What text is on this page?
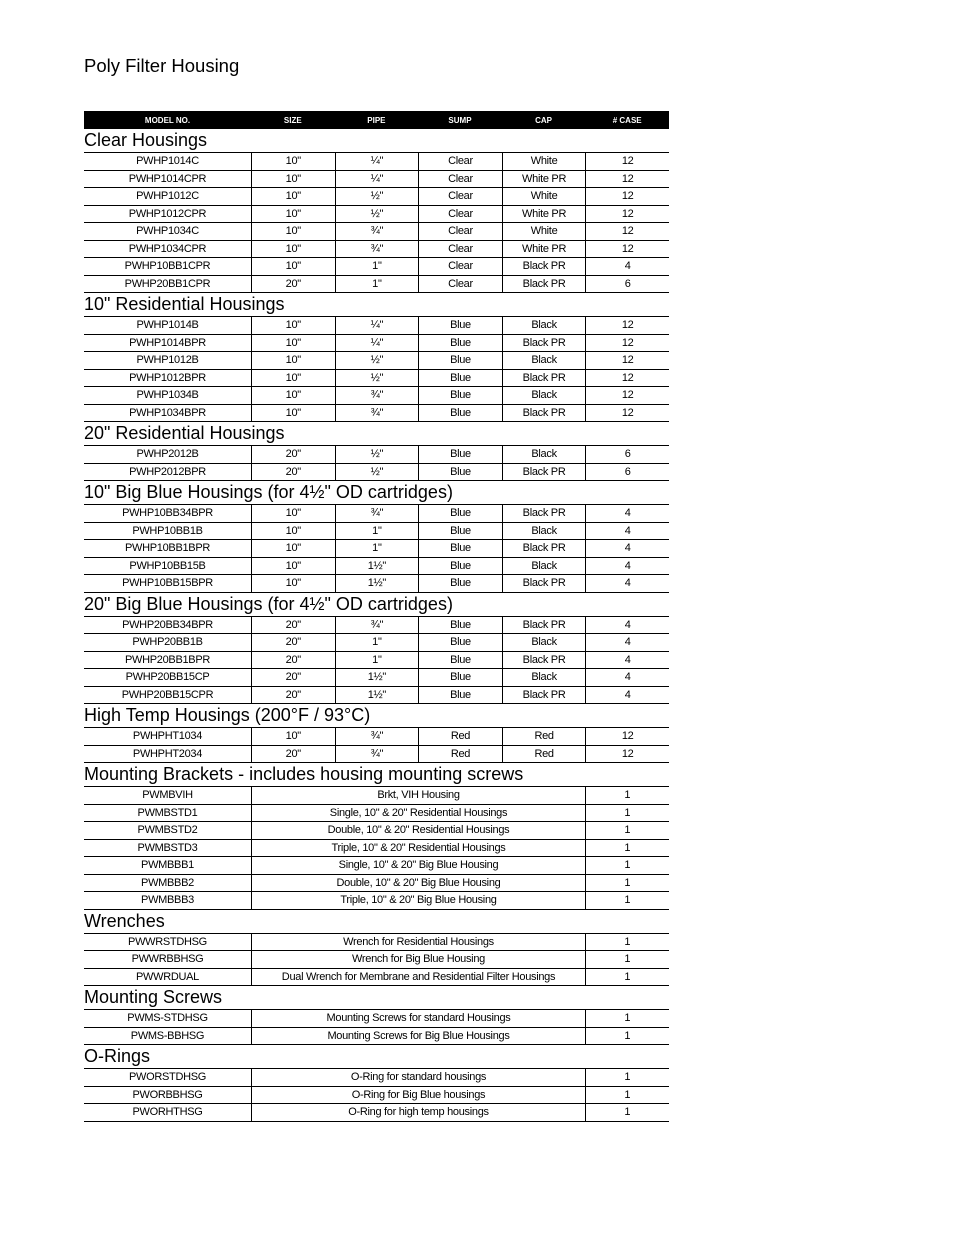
Poly Filter Housing
MODEL NO.	SIZE	PIPE	SUMP	CAP	# CASE
Clear Housings
PWHP1014C	10"	¼"	Clear	White	12
PWHP1014CPR	10"	¼"	Clear	White PR	12
PWHP1012C	10"	½"	Clear	White	12
PWHP1012CPR	10"	½"	Clear	White PR	12
PWHP1034C	10"	¾"	Clear	White	12
PWHP1034CPR	10"	¾"	Clear	White PR	12
PWHP10BB1CPR	10"	1"	Clear	Black PR	4
PWHP20BB1CPR	20"	1"	Clear	Black PR	6
10" Residential Housings
PWHP1014B	10"	¼"	Blue	Black	12
PWHP1014BPR	10"	¼"	Blue	Black PR	12
PWHP1012B	10"	½"	Blue	Black	12
PWHP1012BPR	10"	½"	Blue	Black PR	12
PWHP1034B	10"	¾"	Blue	Black	12
PWHP1034BPR	10"	¾"	Blue	Black PR	12
20" Residential Housings
PWHP2012B	20"	½"	Blue	Black	6
PWHP2012BPR	20"	½"	Blue	Black PR	6
10" Big Blue Housings (for 4½" OD cartridges)
PWHP10BB34BPR	10"	¾"	Blue	Black PR	4
PWHP10BB1B	10"	1"	Blue	Black	4
PWHP10BB1BPR	10"	1"	Blue	Black PR	4
PWHP10BB15B	10"	1½"	Blue	Black	4
PWHP10BB15BPR	10"	1½"	Blue	Black PR	4
20" Big Blue Housings (for 4½" OD cartridges)
PWHP20BB34BPR	20"	¾"	Blue	Black PR	4
PWHP20BB1B	20"	1"	Blue	Black	4
PWHP20BB1BPR	20"	1"	Blue	Black PR	4
PWHP20BB15CP	20"	1½"	Blue	Black	4
PWHP20BB15CPR	20"	1½"	Blue	Black PR	4
High Temp Housings (200°F / 93°C)
PWHPHT1034	10"	¾"	Red	Red	12
PWHPHT2034	20"	¾"	Red	Red	12
Mounting Brackets - includes housing mounting screws
PWMBVIH	Brkt, VIH Housing	1
PWMBSTD1	Single, 10" & 20" Residential Housings	1
PWMBSTD2	Double, 10" & 20" Residential Housings	1
PWMBSTD3	Triple, 10" & 20" Residential Housings	1
PWMBBB1	Single, 10" & 20" Big Blue Housing	1
PWMBBB2	Double, 10" & 20" Big Blue Housing	1
PWMBBB3	Triple, 10" & 20" Big Blue Housing	1
Wrenches
PWWRSTDHSG	Wrench for Residential Housings	1
PWWRBBHSG	Wrench for Big Blue Housing	1
PWWRDUAL	Dual Wrench for Membrane and Residential Filter Housings	1
Mounting Screws
PWMS-STDHSG	Mounting Screws for standard Housings	1
PWMS-BBHSG	Mounting Screws for Big Blue Housings	1
O-Rings
PWORSTDHSG	O-Ring for standard housings	1
PWORBBHSG	O-Ring for Big Blue housings	1
PWORHTHSG	O-Ring for high temp housings	1
